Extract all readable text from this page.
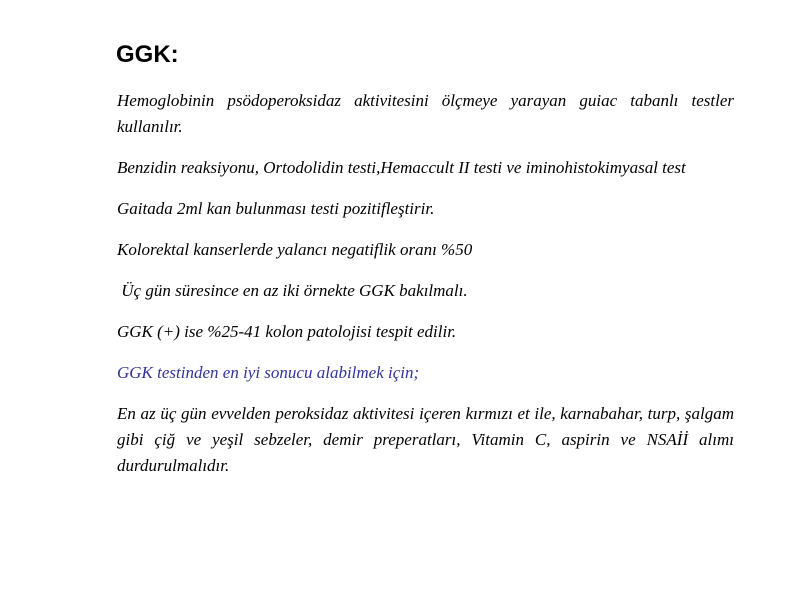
GGK:

Hemoglobinin psödoperoksidaz aktivitesini ölçmeye yarayan guiac tabanlı testler kullanılır.

Benzidin reaksiyonu, Ortodolidin testi,Hemaccult II testi ve iminohistokimyasal test

Gaitada 2ml kan bulunması testi pozitifleştirir.

Kolorektal kanserlerde yalancı negatiflik oranı %50

Üç gün süresince en az iki örnekte GGK bakılmalı.

GGK (+) ise %25-41 kolon patolojisi tespit edilir.

GGK testinden en iyi sonucu alabilmek için;

En az üç gün evvelden peroksidaz aktivitesi içeren kırmızı et ile, karnabahar, turp, şalgam gibi çiğ ve yeşil sebzeler, demir preperatları, Vitamin C, aspirin ve NSAİİ alımı durdurulmalıdır.
